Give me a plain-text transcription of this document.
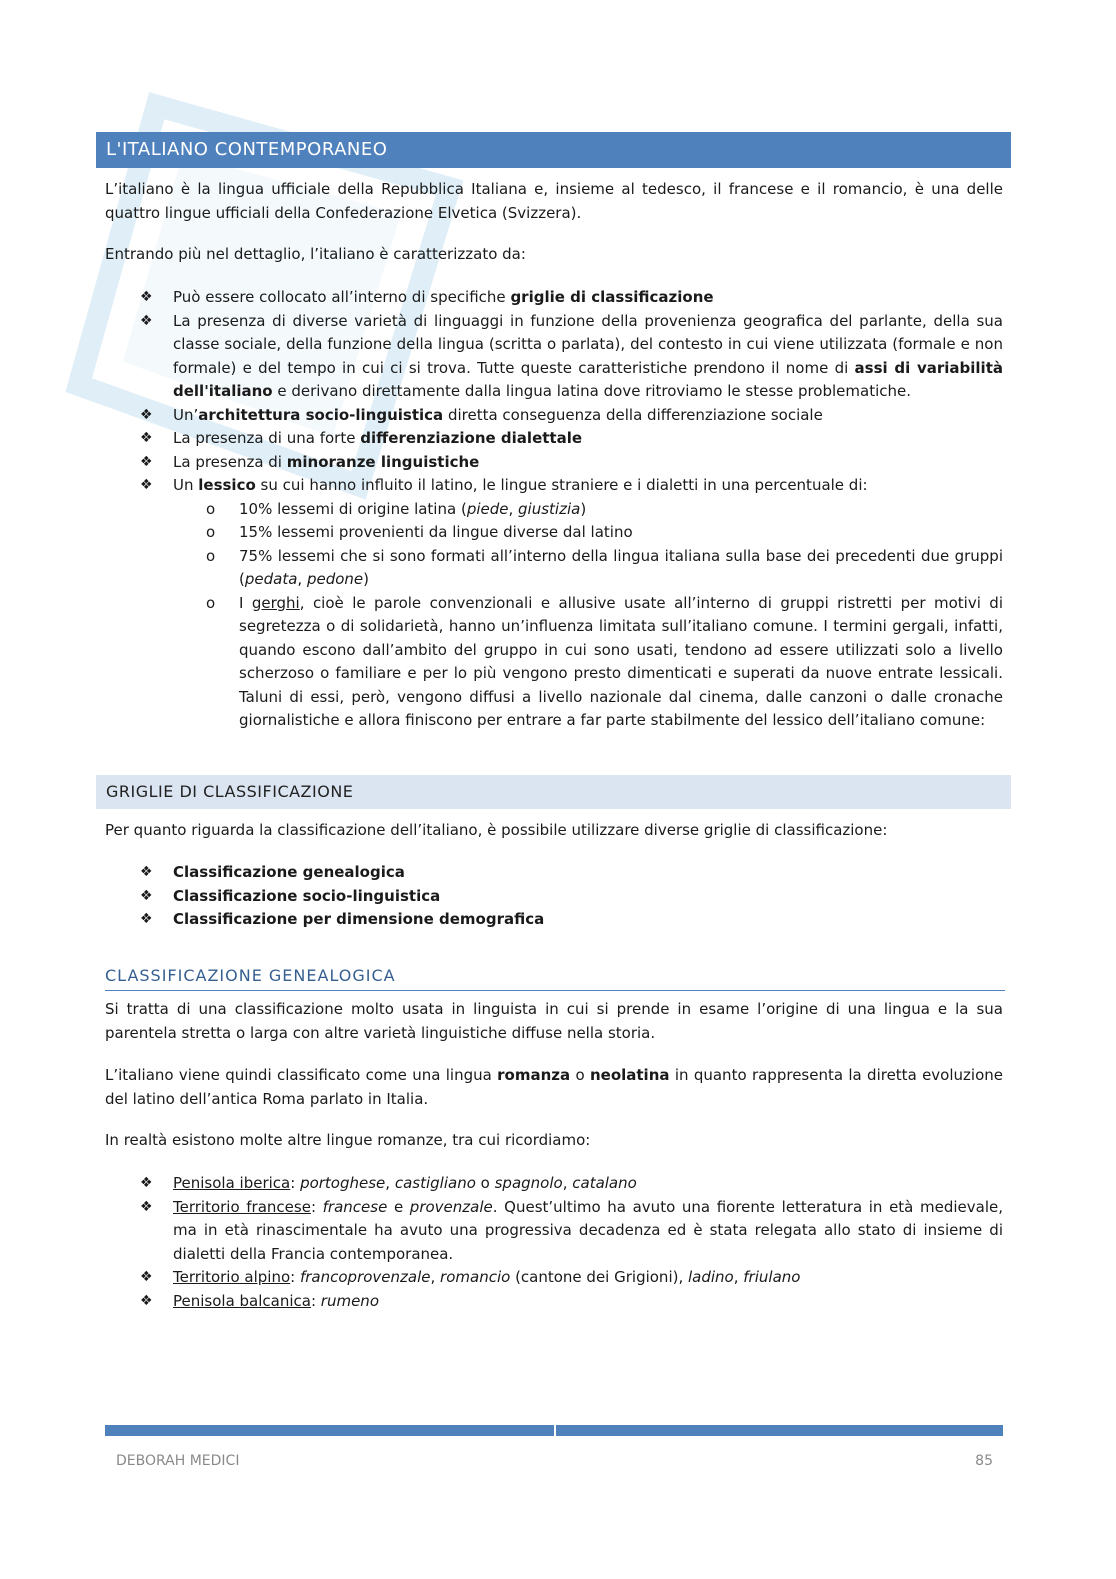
L'ITALIANO CONTEMPORANEO

L’italiano è la lingua ufficiale della Repubblica Italiana e, insieme al tedesco, il francese e il romancio, è una delle quattro lingue ufficiali della Confederazione Elvetica (Svizzera).

Entrando più nel dettaglio, l’italiano è caratterizzato da:

❖ Può essere collocato all’interno di specifiche griglie di classificazione
❖ La presenza di diverse varietà di linguaggi in funzione della provenienza geografica del parlante, della sua classe sociale, della funzione della lingua (scritta o parlata), del contesto in cui viene utilizzata (formale e non formale) e del tempo in cui ci si trova. Tutte queste caratteristiche prendono il nome di assi di variabilità dell'italiano e derivano direttamente dalla lingua latina dove ritroviamo le stesse problematiche.
❖ Un’architettura socio-linguistica diretta conseguenza della differenziazione sociale
❖ La presenza di una forte differenziazione dialettale
❖ La presenza di minoranze linguistiche
❖ Un lessico su cui hanno influito il latino, le lingue straniere e i dialetti in una percentuale di:
o 10% lessemi di origine latina (piede, giustizia)
o 15% lessemi provenienti da lingue diverse dal latino
o 75% lessemi che si sono formati all’interno della lingua italiana sulla base dei precedenti due gruppi (pedata, pedone)
o I gerghi, cioè le parole convenzionali e allusive usate all’interno di gruppi ristretti per motivi di segretezza o di solidarietà, hanno un’influenza limitata sull’italiano comune. I termini gergali, infatti, quando escono dall’ambito del gruppo in cui sono usati, tendono ad essere utilizzati solo a livello scherzoso o familiare e per lo più vengono presto dimenticati e superati da nuove entrate lessicali. Taluni di essi, però, vengono diffusi a livello nazionale dal cinema, dalle canzoni o dalle cronache giornalistiche e allora finiscono per entrare a far parte stabilmente del lessico dell’italiano comune:
GRIGLIE DI CLASSIFICAZIONE

Per quanto riguarda la classificazione dell’italiano, è possibile utilizzare diverse griglie di classificazione:

❖ Classificazione genealogica
❖ Classificazione socio-linguistica
❖ Classificazione per dimensione demografica
CLASSIFICAZIONE GENEALOGICA

Si tratta di una classificazione molto usata in linguista in cui si prende in esame l’origine di una lingua e la sua parentela stretta o larga con altre varietà linguistiche diffuse nella storia.

L’italiano viene quindi classificato come una lingua romanza o neolatina in quanto rappresenta la diretta evoluzione del latino dell’antica Roma parlato in Italia.

In realtà esistono molte altre lingue romanze, tra cui ricordiamo:

❖ Penisola iberica: portoghese, castigliano o spagnolo, catalano
❖ Territorio francese: francese e provenzale. Quest’ultimo ha avuto una fiorente letteratura in età medievale, ma in età rinascimentale ha avuto una progressiva decadenza ed è stata relegata allo stato di insieme di dialetti della Francia contemporanea.
❖ Territorio alpino: francoprovenzale, romancio (cantone dei Grigioni), ladino, friulano
❖ Penisola balcanica: rumeno
DEBORAH MEDICI	85
